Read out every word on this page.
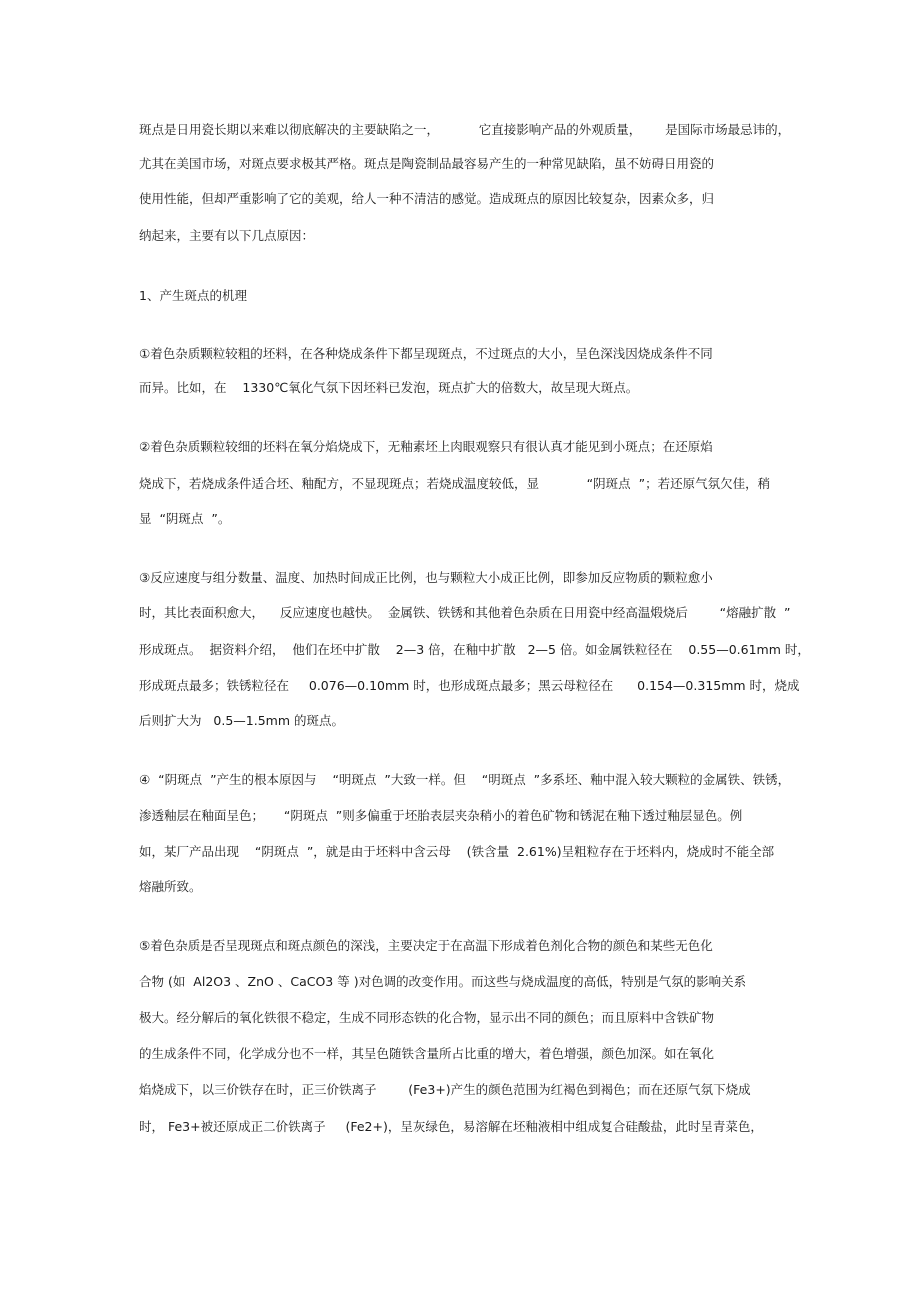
斑点是日用瓷长期以来难以彻底解决的主要缺陷之一，          它直接影响产品的外观质量，      是国际市场最忌讳的，
尤其在美国市场，对斑点要求极其严格。斑点是陶瓷制品最容易产生的一种常见缺陷，虽不妨碍日用瓷的
使用性能，但却严重影响了它的美观，给人一种不清洁的感觉。造成斑点的原因比较复杂，因素众多，归
纳起来，主要有以下几点原因：
1、产生斑点的机理
①着色杂质颗粒较粗的坯料，在各种烧成条件下都呈现斑点，不过斑点的大小，呈色深浅因烧成条件不同
而异。比如，在    1330℃氧化气氛下因坯料已发泡，斑点扩大的倍数大，故呈现大斑点。
②着色杂质颗粒较细的坯料在氧分焰烧成下，无釉素坯上肉眼观察只有很认真才能见到小斑点；在还原焰
烧成下，若烧成条件适合坯、釉配方，不显现斑点；若烧成温度较低，显            “阴斑点  ”；若还原气氛欠佳，稍
显  “阴斑点  ”。
③反应速度与组分数量、温度、加热时间成正比例，也与颗粒大小成正比例，即参加反应物质的颗粒愈小
时，其比表面积愈大，    反应速度也越快。  金属铁、铁锈和其他着色杂质在日用瓷中经高温煅烧后        “熔融扩散  ”
形成斑点。  据资料介绍，  他们在坯中扩散    2—3 倍，在釉中扩散   2—5 倍。如金属铁粒径在    0.55—0.61mm 时，
形成斑点最多；铁锈粒径在     0.076—0.10mm 时，也形成斑点最多；黑云母粒径在      0.154—0.315mm 时，烧成
后则扩大为   0.5—1.5mm 的斑点。
④  “阴斑点  ”产生的根本原因与    “明斑点  ”大致一样。但    “明斑点  ”多系坯、釉中混入较大颗粒的金属铁、铁锈，
渗透釉层在釉面呈色；     “阴斑点  ”则多偏重于坯胎表层夹杂稍小的着色矿物和锈泥在釉下透过釉层显色。例
如，某厂产品出现    “阴斑点  ”，就是由于坯料中含云母    (铁含量  2.61%)呈粗粒存在于坯料内，烧成时不能全部
熔融所致。
⑤着色杂质是否呈现斑点和斑点颜色的深浅，主要决定于在高温下形成着色剂化合物的颜色和某些无色化
合物 (如  Al2O3 、ZnO 、CaCO3 等 )对色调的改变作用。而这些与烧成温度的高低，特别是气氛的影响关系
极大。经分解后的氧化铁很不稳定，生成不同形态铁的化合物，显示出不同的颜色；而且原料中含铁矿物
的生成条件不同，化学成分也不一样，其呈色随铁含量所占比重的增大，着色增强，颜色加深。如在氧化
焰烧成下，以三价铁存在时，正三价铁离子        (Fe3+)产生的颜色范围为红褐色到褐色；而在还原气氛下烧成
时， Fe3+被还原成正二价铁离子     (Fe2+)，呈灰绿色，易溶解在坯釉液相中组成复合硅酸盐，此时呈青菜色，
